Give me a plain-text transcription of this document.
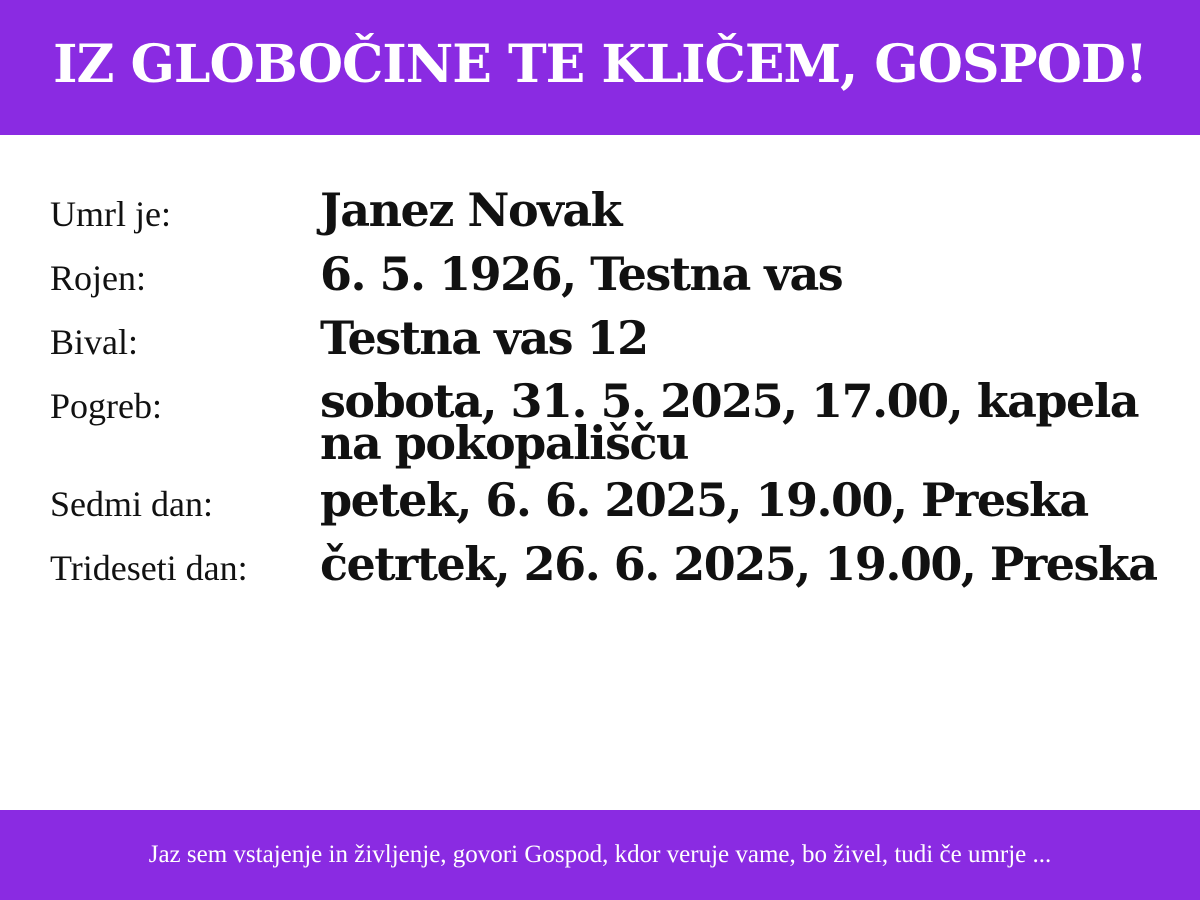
IZ GLOBOČINE TE KLIČEM, GOSPOD!
Umrl je:	Janez Novak
Rojen:	6. 5. 1926, Testna vas
Bival:	Testna vas 12
Pogreb:	sobota, 31. 5. 2025, 17.00, kapela na pokopališču
Sedmi dan:	petek, 6. 6. 2025, 19.00, Preska
Trideseti dan:	četrtek, 26. 6. 2025, 19.00, Preska
Jaz sem vstajenje in življenje, govori Gospod, kdor veruje vame, bo živel, tudi če umrje ...
